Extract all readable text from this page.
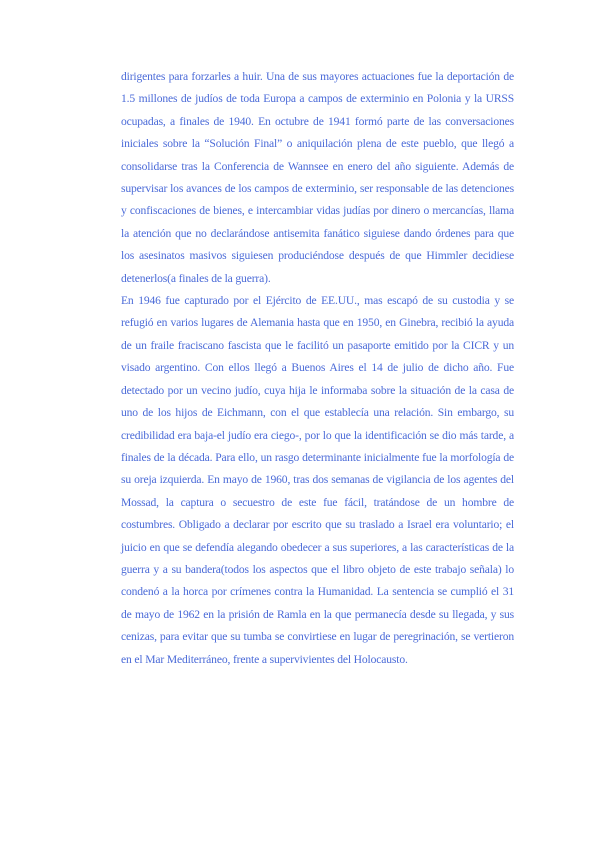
dirigentes para forzarles a huir. Una de sus mayores actuaciones fue la deportación de 1.5 millones de judíos de toda Europa a campos de exterminio en Polonia y la URSS ocupadas, a finales de 1940. En octubre de 1941 formó parte de las conversaciones iniciales sobre la “Solución Final” o aniquilación plena de este pueblo, que llegó a consolidarse tras la Conferencia de Wannsee en enero del año siguiente. Además de supervisar los avances de los campos de exterminio, ser responsable de las detenciones y confiscaciones de bienes, e intercambiar vidas judías por dinero o mercancías, llama la atención que no declarándose antisemita fanático siguiese dando órdenes para que los asesinatos masivos siguiesen produciéndose después de que Himmler decidiese detenerlos(a finales de la guerra).

En 1946 fue capturado por el Ejército de EE.UU., mas escapó de su custodia y se refugió en varios lugares de Alemania hasta que en 1950, en Ginebra, recibió la ayuda de un fraile fraciscano fascista que le facilitó un pasaporte emitido por la CICR y un visado argentino. Con ellos llegó a Buenos Aires el 14 de julio de dicho año. Fue detectado por un vecino judío, cuya hija le informaba sobre la situación de la casa de uno de los hijos de Eichmann, con el que establecía una relación. Sin embargo, su credibilidad era baja-el judío era ciego-, por lo que la identificación se dio más tarde, a finales de la década. Para ello, un rasgo determinante inicialmente fue la morfología de su oreja izquierda. En mayo de 1960, tras dos semanas de vigilancia de los agentes del Mossad, la captura o secuestro de este fue fácil, tratándose de un hombre de costumbres. Obligado a declarar por escrito que su traslado a Israel era voluntario; el juicio en que se defendía alegando obedecer a sus superiores, a las características de la guerra y a su bandera(todos los aspectos que el libro objeto de este trabajo señala) lo condenó a la horca por crímenes contra la Humanidad. La sentencia se cumplió el 31 de mayo de 1962 en la prisión de Ramla en la que permanecía desde su llegada, y sus cenizas, para evitar que su tumba se convirtiese en lugar de peregrinación, se vertieron en el Mar Mediterráneo, frente a supervivientes del Holocausto.
